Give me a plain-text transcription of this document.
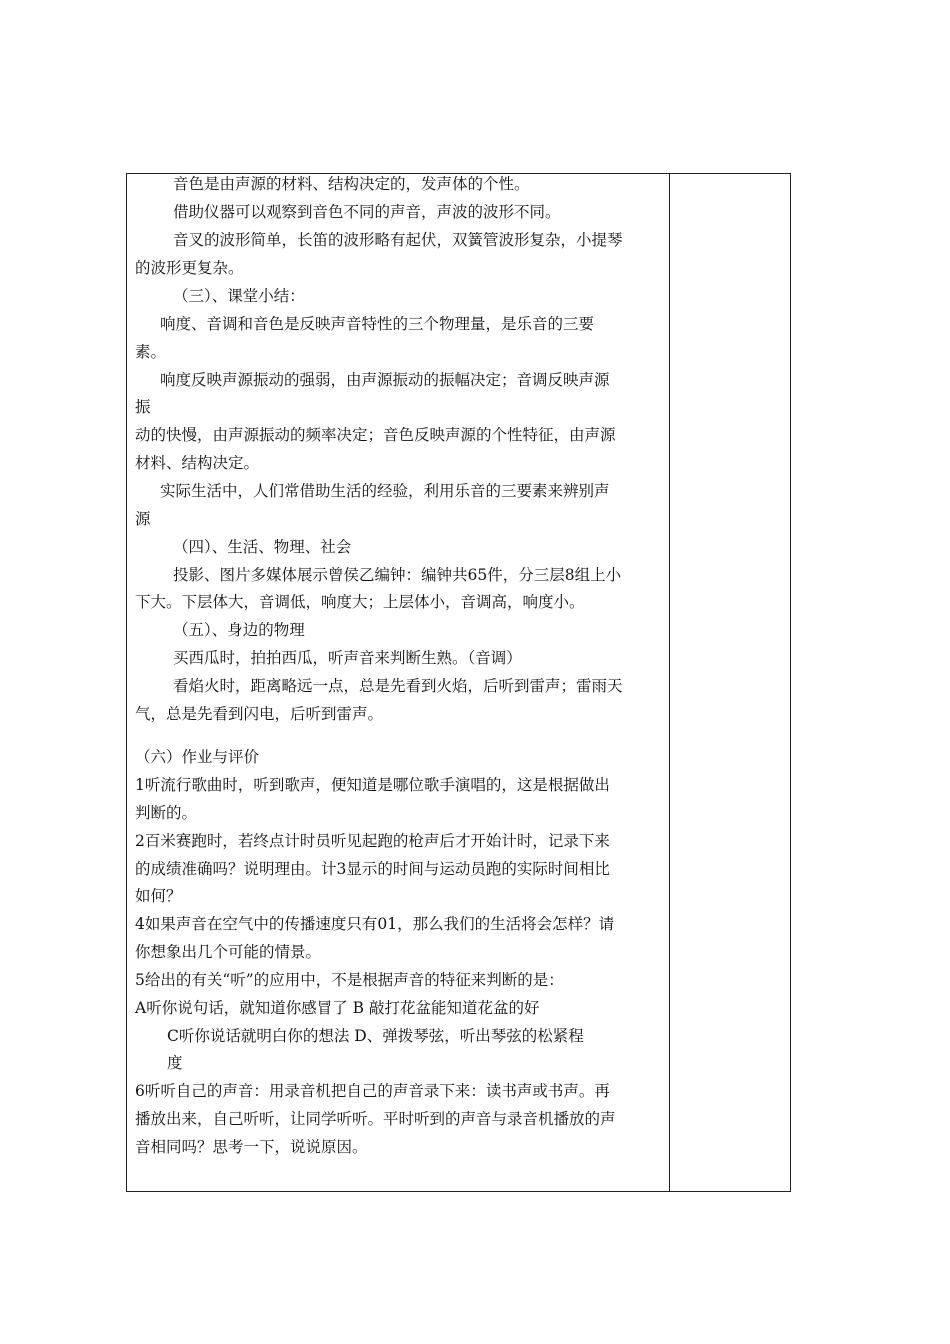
音色是由声源的材料、结构决定的，发声体的个性。
借助仪器可以观察到音色不同的声音，声波的波形不同。
音叉的波形简单，长笛的波形略有起伏，双簧管波形复杂，小提琴
的波形更复杂。
（三）、课堂小结：
响度、音调和音色是反映声音特性的三个物理量，是乐音的三要
素。
响度反映声源振动的强弱，由声源振动的振幅决定；音调反映声源
振
动的快慢，由声源振动的频率决定；音色反映声源的个性特征，由声源
材料、结构决定。
实际生活中，人们常借助生活的经验，利用乐音的三要素来辨别声
源
（四）、生活、物理、社会
投影、图片多媒体展示曾侯乙编钟：编钟共65件，分三层8组上小
下大。下层体大，音调低，响度大；上层体小，音调高，响度小。
（五）、身边的物理
买西瓜时，拍拍西瓜，听声音来判断生熟。（音调）
看焰火时，距离略远一点，总是先看到火焰，后听到雷声；雷雨天
气，总是先看到闪电，后听到雷声。
（六）作业与评价
1听流行歌曲时，听到歌声，便知道是哪位歌手演唱的，这是根据做出
判断的。
2百米赛跑时，若终点计时员听见起跑的枪声后才开始计时，记录下来
的成绩准确吗？说明理由。计3显示的时间与运动员跑的实际时间相比
如何？
4如果声音在空气中的传播速度只有01，那么我们的生活将会怎样？请
你想象出几个可能的情景。
5给出的有关“听”的应用中，不是根据声音的特征来判断的是：
A听你说句话，就知道你感冒了 B 敲打花盆能知道花盆的好
C听你说话就明白你的想法 D、弹拨琴弦，听出琴弦的松紧程
度
6听听自己的声音：用录音机把自己的声音录下来：读书声或书声。再
播放出来，自己听听，让同学听听。平时听到的声音与录音机播放的声
音相同吗？思考一下，说说原因。
